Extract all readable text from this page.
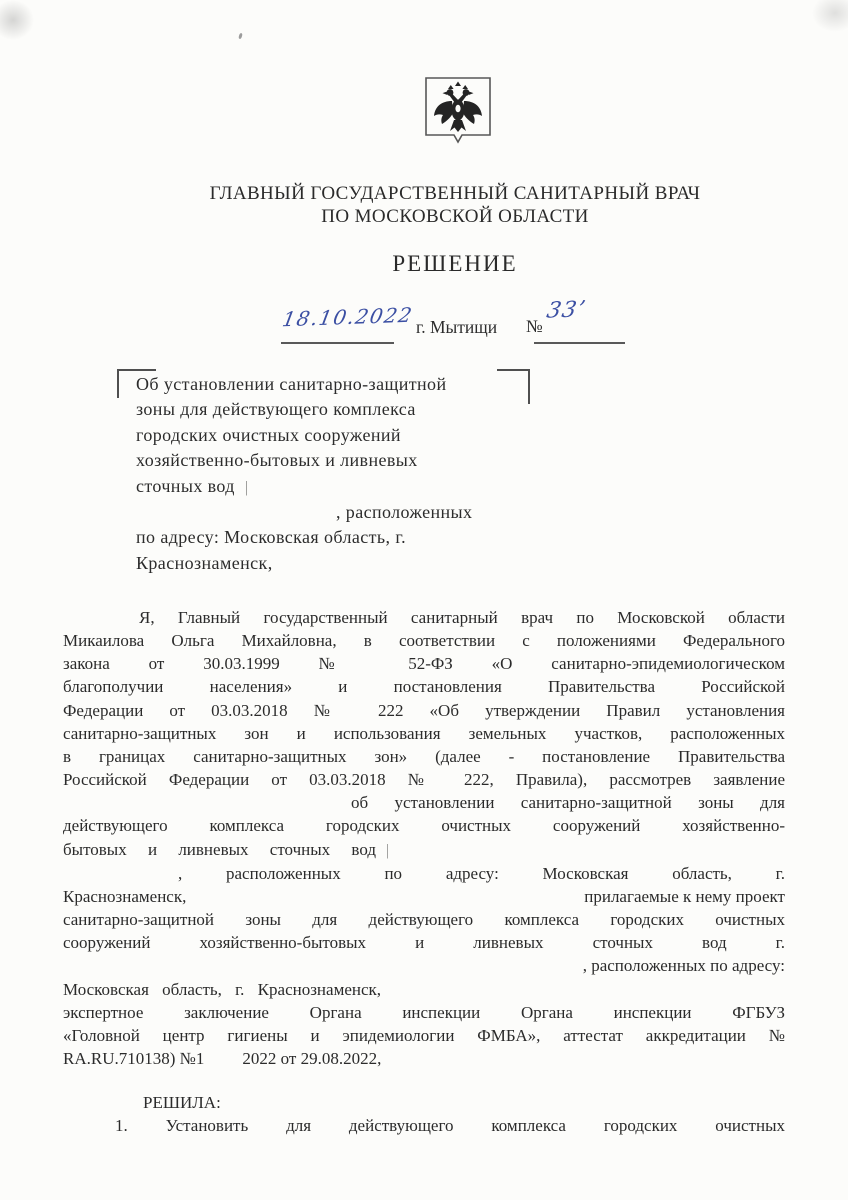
ГЛАВНЫЙ ГОСУДАРСТВЕННЫЙ САНИТАРНЫЙ ВРАЧ
ПО МОСКОВСКОЙ ОБЛАСТИ
РЕШЕНИЕ
18.10.2022 г. Мытищи №
33ʼ
Об установлении санитарно-защитной
зоны для действующего комплекса
городских очистных сооружений
хозяйственно-бытовых и ливневых
сточных вод |
, расположенных
по адресу: Московская область, г.
Краснознаменск,
Я, Главный государственный санитарный врач по Московской области
Микаилова Ольга Михайловна, в соответствии с положениями Федерального
закона от 30.03.1999 № 52-ФЗ «О санитарно-эпидемиологическом
благополучии населения» и постановления Правительства Российской
Федерации от 03.03.2018 № 222 «Об утверждении Правил установления
санитарно-защитных зон и использования земельных участков, расположенных
в границах санитарно-защитных зон» (далее - постановление Правительства
Российской Федерации от 03.03.2018 № 222, Правила), рассмотрев заявление
об установлении санитарно-защитной зоны для
действующего комплекса городских очистных сооружений хозяйственно-
бытовых и ливневых сточных вод |
, расположенных по адресу: Московская область, г.
Краснознаменск,	прилагаемые к нему проект
санитарно-защитной зоны для действующего комплекса городских очистных
сооружений хозяйственно-бытовых и ливневых сточных вод г.
, расположенных по адресу:
Московская область, г. Краснознаменск,
экспертное заключение Органа инспекции Органа инспекции ФГБУЗ
«Головной центр гигиены и эпидемиологии ФМБА», аттестат аккредитации №
RA.RU.710138) №1 2022 от 29.08.2022,
РЕШИЛА:
1. Установить для действующего комплекса городских очистных
